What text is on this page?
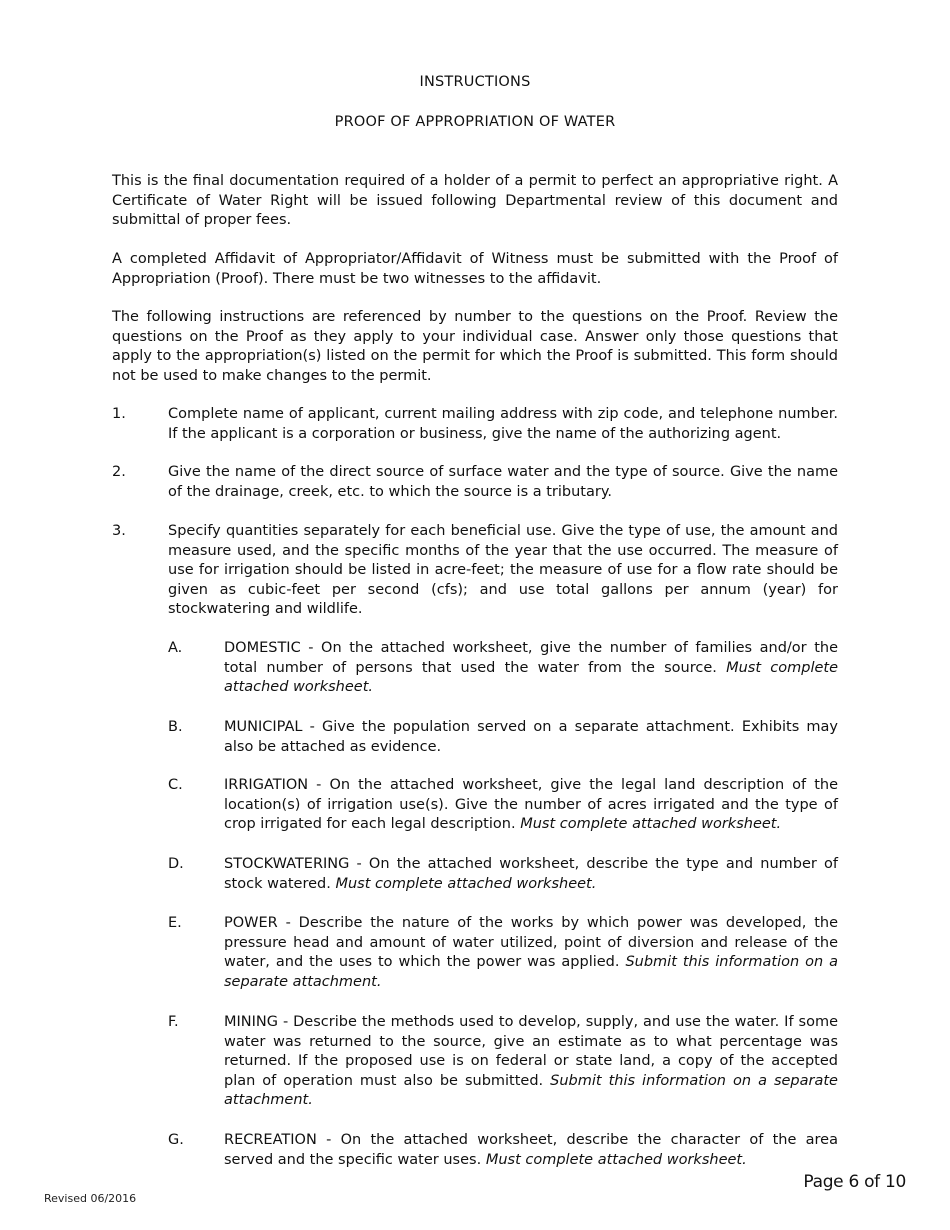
INSTRUCTIONS
PROOF OF APPROPRIATION OF WATER

This is the final documentation required of a holder of a permit to perfect an appropriative right. A Certificate of Water Right will be issued following Departmental review of this document and submittal of proper fees.

A completed Affidavit of Appropriator/Affidavit of Witness must be submitted with the Proof of Appropriation (Proof). There must be two witnesses to the affidavit.

The following instructions are referenced by number to the questions on the Proof. Review the questions on the Proof as they apply to your individual case. Answer only those questions that apply to the appropriation(s) listed on the permit for which the Proof is submitted. This form should not be used to make changes to the permit.

1.	Complete name of applicant, current mailing address with zip code, and telephone number. If the applicant is a corporation or business, give the name of the authorizing agent.

2.	Give the name of the direct source of surface water and the type of source. Give the name of the drainage, creek, etc. to which the source is a tributary.

3.	Specify quantities separately for each beneficial use. Give the type of use, the amount and measure used, and the specific months of the year that the use occurred. The measure of use for irrigation should be listed in acre-feet; the measure of use for a flow rate should be given as cubic-feet per second (cfs); and use total gallons per annum (year) for stockwatering and wildlife.

A.	DOMESTIC - On the attached worksheet, give the number of families and/or the total number of persons that used the water from the source. Must complete attached worksheet.

B.	MUNICIPAL - Give the population served on a separate attachment. Exhibits may also be attached as evidence.

C.	IRRIGATION - On the attached worksheet, give the legal land description of the location(s) of irrigation use(s). Give the number of acres irrigated and the type of crop irrigated for each legal description. Must complete attached worksheet.

D.	STOCKWATERING - On the attached worksheet, describe the type and number of stock watered. Must complete attached worksheet.

E.	POWER - Describe the nature of the works by which power was developed, the pressure head and amount of water utilized, point of diversion and release of the water, and the uses to which the power was applied. Submit this information on a separate attachment.

F.	MINING - Describe the methods used to develop, supply, and use the water. If some water was returned to the source, give an estimate as to what percentage was returned. If the proposed use is on federal or state land, a copy of the accepted plan of operation must also be submitted. Submit this information on a separate attachment.

G.	RECREATION - On the attached worksheet, describe the character of the area served and the specific water uses. Must complete attached worksheet.

Page 6 of 10
Revised 06/2016
